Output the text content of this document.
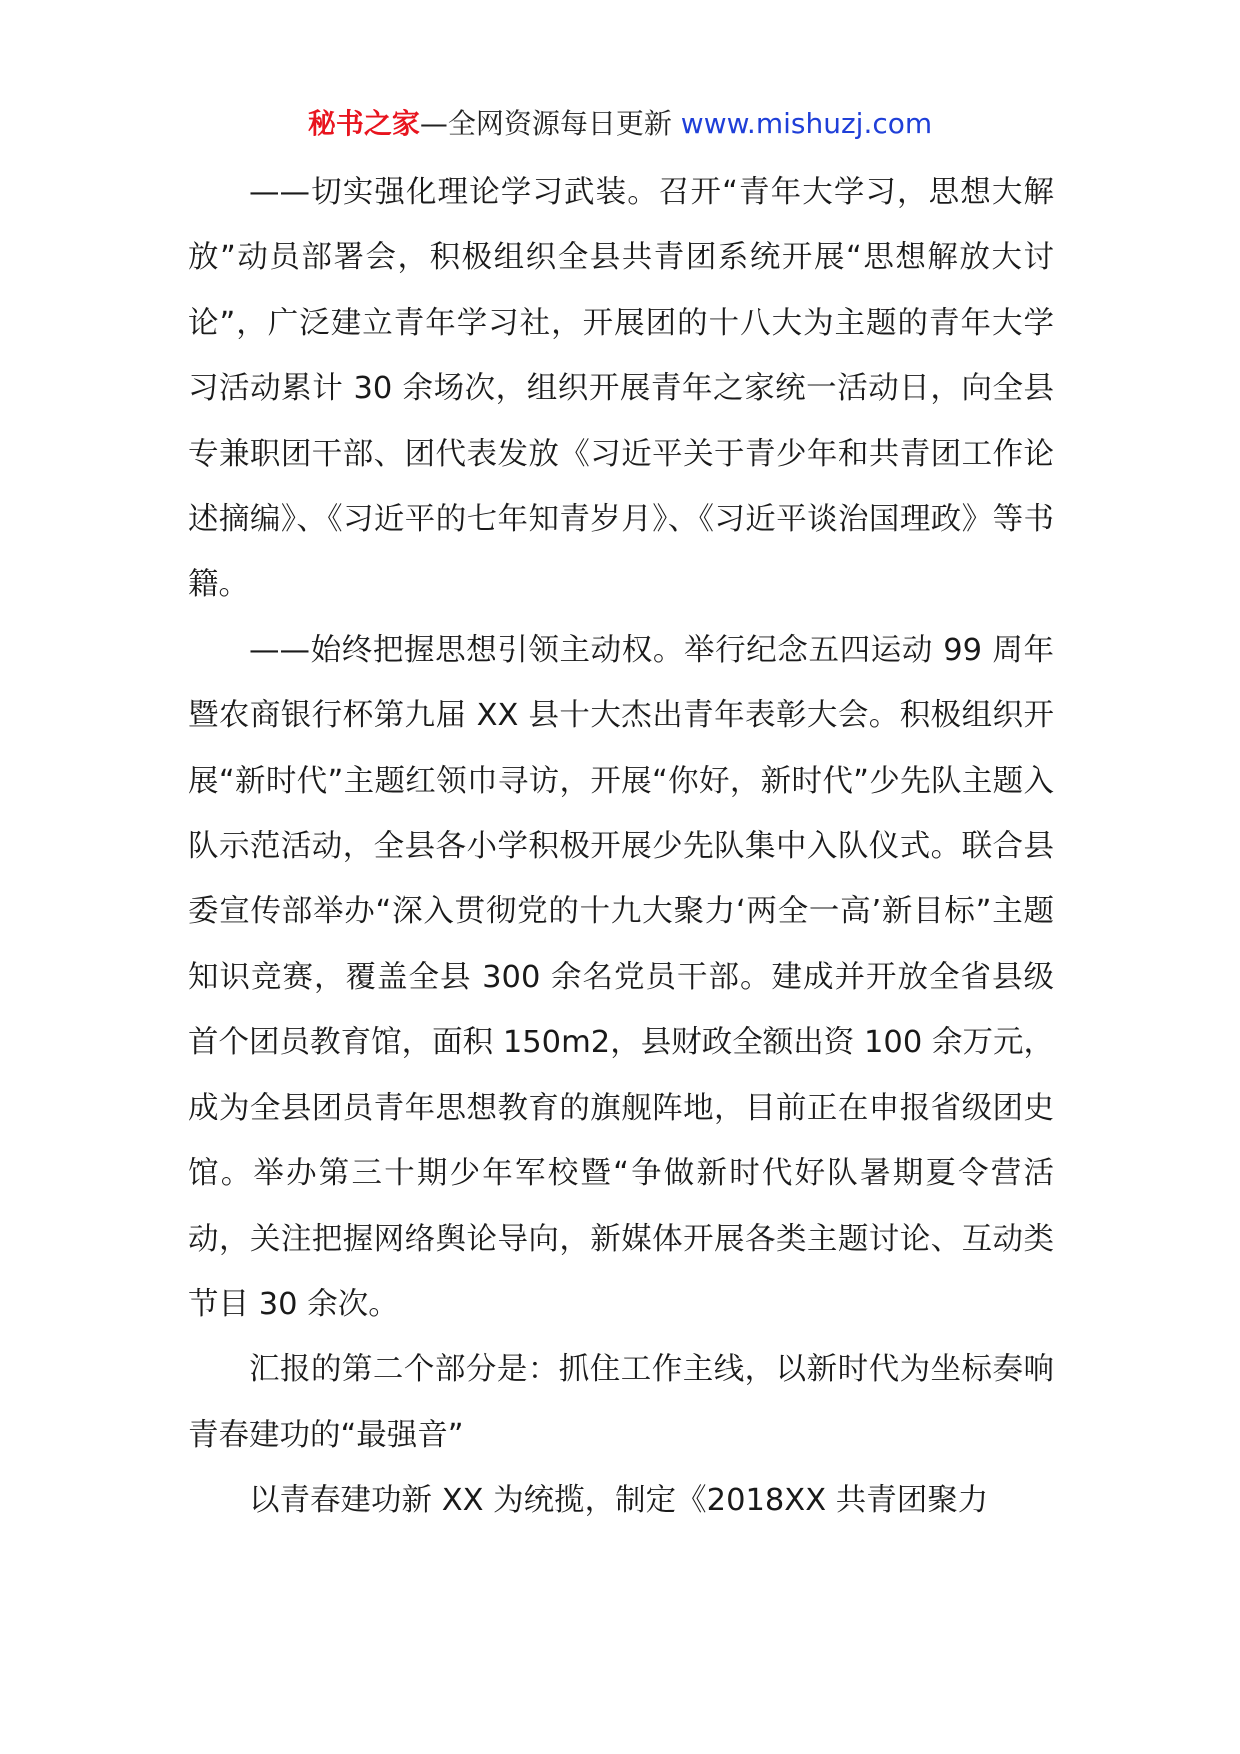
秘书之家—全网资源每日更新 www.mishuzj.com

——切实强化理论学习武装。召开“青年大学习，思想大解放”动员部署会，积极组织全县共青团系统开展“思想解放大讨论”，广泛建立青年学习社，开展团的十八大为主题的青年大学习活动累计 30 余场次，组织开展青年之家统一活动日，向全县专兼职团干部、团代表发放《习近平关于青少年和共青团工作论述摘编》、《习近平的七年知青岁月》、《习近平谈治国理政》等书籍。

——始终把握思想引领主动权。举行纪念五四运动 99 周年暨农商银行杯第九届 XX 县十大杰出青年表彰大会。积极组织开展“新时代”主题红领巾寻访，开展“你好，新时代”少先队主题入队示范活动，全县各小学积极开展少先队集中入队仪式。联合县委宣传部举办“深入贯彻党的十九大聚力‘两全一高’新目标”主题知识竞赛，覆盖全县 300 余名党员干部。建成并开放全省县级首个团员教育馆，面积 150m2，县财政全额出资 100 余万元，成为全县团员青年思想教育的旗舰阵地，目前正在申报省级团史馆。举办第三十期少年军校暨“争做新时代好队暑期夏令营活动，关注把握网络舆论导向，新媒体开展各类主题讨论、互动类节目 30 余次。

汇报的第二个部分是：抓住工作主线，以新时代为坐标奏响青春建功的“最强音”

以青春建功新 XX 为统揽，制定《2018XX 共青团聚力
